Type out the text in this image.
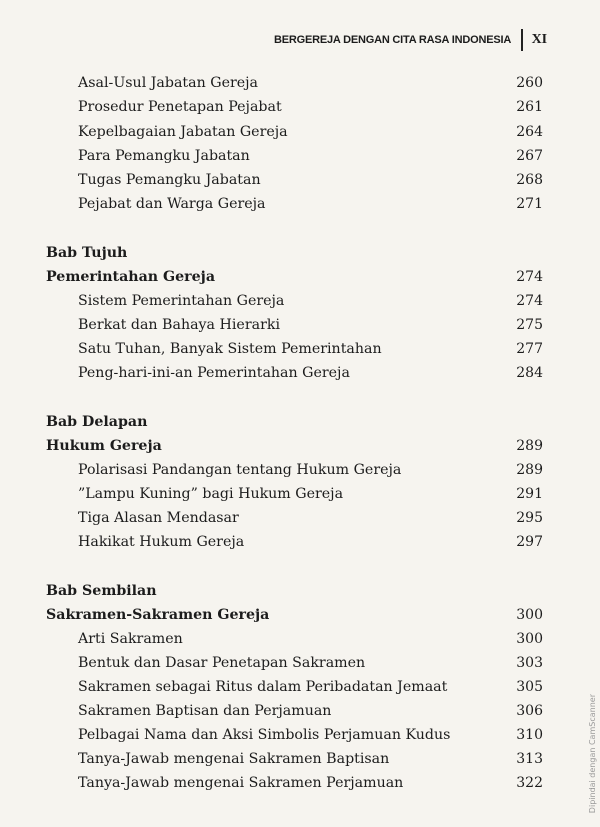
BERGEREJA DENGAN CITA RASA INDONESIA XI
Asal-Usul Jabatan Gereja	260
Prosedur Penetapan Pejabat	261
Kepelbagaian Jabatan Gereja	264
Para Pemangku Jabatan	267
Tugas Pemangku Jabatan	268
Pejabat dan Warga Gereja	271
Bab Tujuh
Pemerintahan Gereja	274
Sistem Pemerintahan Gereja	274
Berkat dan Bahaya Hierarki	275
Satu Tuhan, Banyak Sistem Pemerintahan	277
Peng-hari-ini-an Pemerintahan Gereja	284
Bab Delapan
Hukum Gereja	289
Polarisasi Pandangan tentang Hukum Gereja	289
”Lampu Kuning” bagi Hukum Gereja	291
Tiga Alasan Mendasar	295
Hakikat Hukum Gereja	297
Bab Sembilan
Sakramen-Sakramen Gereja	300
Arti Sakramen	300
Bentuk dan Dasar Penetapan Sakramen	303
Sakramen sebagai Ritus dalam Peribadatan Jemaat	305
Sakramen Baptisan dan Perjamuan	306
Pelbagai Nama dan Aksi Simbolis Perjamuan Kudus	310
Tanya-Jawab mengenai Sakramen Baptisan	313
Tanya-Jawab mengenai Sakramen Perjamuan	322	Dipindai dengan CamScanner
